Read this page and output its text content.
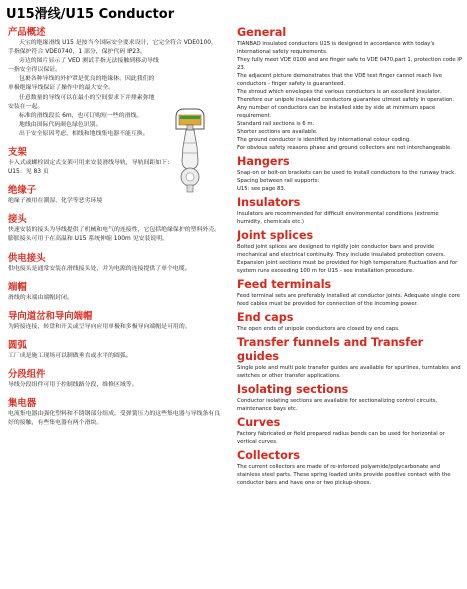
U15滑线/U15 Conductor
产品概述

天宝的绝缘滑线 U15 是按当今国际安全要求设计，它完全符合 VDE0100，手指保护符合 VDE0740，1 部分，保护代码 IP23。

旁边的图片显示了 VED 测试手指无法接触到移动导线一指安全得以保证。

包裹各种导线的外护罩是优良的绝缘体，因此我们的单极绝缘导线保证了操作中的最大安全。

任意数量的导线可以在最小的空间要求下并排素弥地安装在一起。

标准的滑线段长 6m，也可订购短一些的滑线。

地线由国际代码颜色绿色识别。

出于安全原因考虑，相线和地线集电器不能互换。

支架

卡入式或螺栓固定式支架可用来安装滑线导轨，导轨间距如下：

U15：见 83 页

绝缘子

绝缘子被用在潮湿、化学等恶劣环境

接头

快速安装的接头为导线提供了机械和电气的连接性，它包括绝缘保护的塑料外壳。

膨胀接头可用于在高温和 U15 系统伸缩 100m 见安装说明。

供电接头

供电接头是通常安装在滑线接头处，并为电源的连接提供了单个电缆。

端帽

滑线的末端由端帽封闭。

导向道岔和导向端帽

为跨接连接，转盘和开关或呈导向应用单极和多极导向端帽是可用的。

圆弧

工厂成是施工现场可以制做垂直或水平的圆弧。

分段组件

导线分段组件可用于控制线路分段，维修区域等。

集电器

电流集电器由强化塑料和不锈钢部分组成，受弹簧压力的这些集电器与导线条有良好的接触，有些集电器有两个滑块。

General

TIANBAO insulated conductors U15 is designed in accordance with today's international safety requirements.

They fully meet VDE 0100 and are finger safe to VDE 0470,part 1, protection code IP 23.

The adjacent picture demonstrates that the VDE test finger cannot reach live conductors - finger safety is guaranteed.

The shroud which envelopes the various conductors is an excellent insulator. Therefore our unipole insulated conductors guarantee utmost safety in operation.

Any number of conductors can be installed side by side at minimum space requirement.

Standard rail sections is 6 m.

Shorter sections are available.

The ground conductor is identified by international colour coding.

For obvious safety reasons phase and ground collectors are not interchangeable.

Hangers

Snap-on or bolt-on brackets can be used to install conductors to the runway track. Spacing between rail supports:

U15: see page 83.

Insulators

Insulators are recommended for difficult environmental conditions (extreme humidity, chemicals etc.)

Joint splices

Bolted joint splices are designed to rigidly join conductor bars and provide mechanical and electrical continuity. They include insulated protection covers.

Expansion joint sections must be provided for high temperature fluctuation and for system runs exceeding 100 m for U15 - see installation procedure.

Feed terminals

Feed terminal sets are preferably installed at conductor joints. Adequate single core feed cables must be provided for connection of the incoming power.

End caps

The open ends of unipole conductors are closed by end caps.

Transfer funnels and Transfer guides

Single pole and multi pole transfer guides are available for spurlines, turntables and switches or other transfer applications.

Isolating sections

Conductor isolating sections are available for sectionalizing control circuits, maintenance bays etc.

Curves

Factory fabricated or field prepared radius bends can be used for horizontal or vertical curves.

Collectors

The current collectors are made of re-inforced polyamide/polycarbonate and stainless steel parts. These spring loaded units provide positive contact with the conductor bars and have one or two pickup-shoes.
